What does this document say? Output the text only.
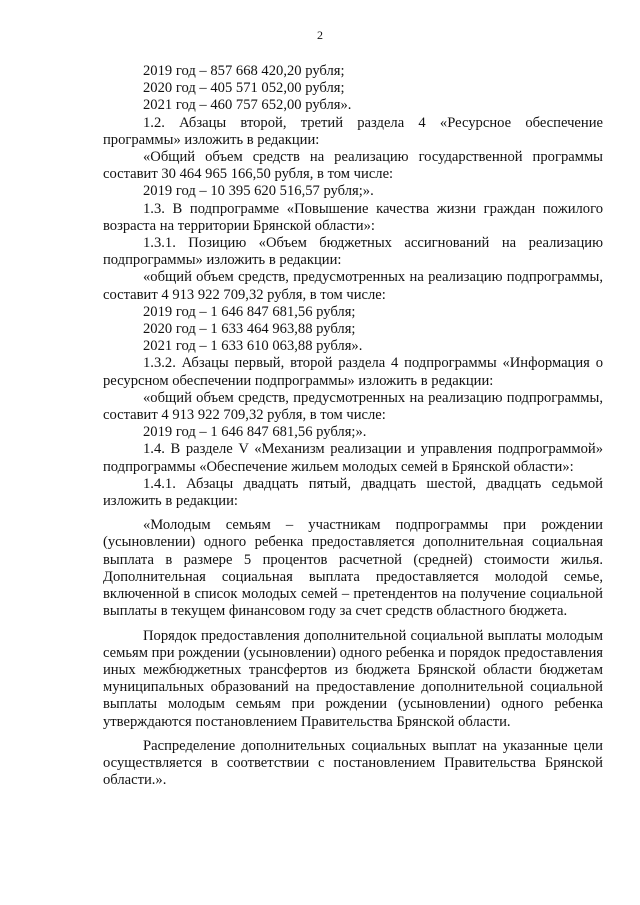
2

2019 год – 857 668 420,20 рубля;

2020 год – 405 571 052,00 рубля;

2021 год – 460 757 652,00 рубля».

1.2. Абзацы второй, третий раздела 4 «Ресурсное обеспечение программы» изложить в редакции:

«Общий объем средств на реализацию государственной программы составит 30 464 965 166,50 рубля, в том числе:

2019 год – 10 395 620 516,57 рубля;».

1.3. В подпрограмме «Повышение качества жизни граждан пожилого возраста на территории Брянской области»:

1.3.1. Позицию «Объем бюджетных ассигнований на реализацию подпрограммы» изложить в редакции:

«общий объем средств, предусмотренных на реализацию подпрограммы, составит 4 913 922 709,32 рубля, в том числе:

2019 год – 1 646 847 681,56 рубля;

2020 год – 1 633 464 963,88 рубля;

2021 год – 1 633 610 063,88 рубля».

1.3.2. Абзацы первый, второй раздела 4 подпрограммы «Информация о ресурсном обеспечении подпрограммы» изложить в редакции:

«общий объем средств, предусмотренных на реализацию подпрограммы, составит 4 913 922 709,32 рубля, в том числе:

2019 год – 1 646 847 681,56 рубля;».

1.4. В разделе V «Механизм реализации и управления подпрограммой» подпрограммы «Обеспечение жильем молодых семей в Брянской области»:

1.4.1. Абзацы двадцать пятый, двадцать шестой, двадцать седьмой изложить в редакции:

«Молодым семьям – участникам подпрограммы при рождении (усыновлении) одного ребенка предоставляется дополнительная социальная выплата в размере 5 процентов расчетной (средней) стоимости жилья. Дополнительная социальная выплата предоставляется молодой семье, включенной в список молодых семей – претендентов на получение социальной выплаты в текущем финансовом году за счет средств областного бюджета.

Порядок предоставления дополнительной социальной выплаты молодым семьям при рождении (усыновлении) одного ребенка и порядок предоставления иных межбюджетных трансфертов из бюджета Брянской области бюджетам муниципальных образований на предоставление дополнительной социальной выплаты молодым семьям при рождении (усыновлении) одного ребенка утверждаются постановлением Правительства Брянской области.

Распределение дополнительных социальных выплат на указанные цели осуществляется в соответствии с постановлением Правительства Брянской области.».
